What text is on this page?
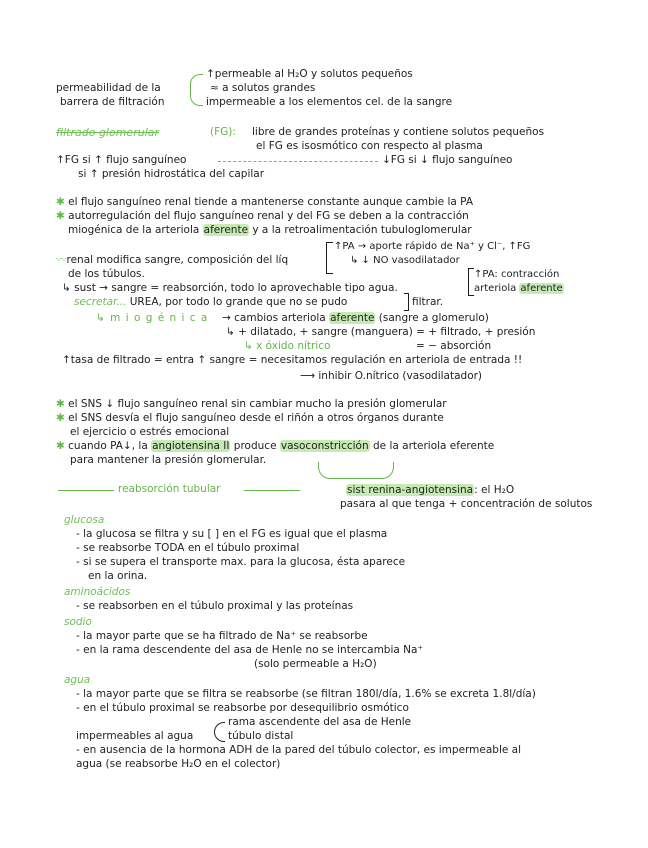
permeabilidad de la
barrera de filtración
↑permeable al H₂O y solutos pequeños
≈ a solutos grandes
impermeable a los elementos cel. de la sangre
filtrado glomerular	(FG): libre de grandes proteínas y contiene solutos pequeños
el FG es isosmótico con respecto al plasma
↑FG si ↑ flujo sanguíneo	↓FG si ↓ flujo sanguíneo
si ↑ presión hidrostática del capilar
✱ el flujo sanguíneo renal tiende a mantenerse constante aunque cambie la PA
✱ autorregulación del flujo sanguíneo renal y del FG se deben a la contracción
miogénica de la arteriola aferente y a la retroalimentación tubuloglomerular
〰renal modifica sangre, composición del líq
de los túbulos.
↑PA → aporte rápido de Na⁺ y Cl⁻, ↑FG
↳ ↓ NO vasodilatador
↑PA: contracción
arteriola aferente
↳ sust → sangre = reabsorción, todo lo aprovechable tipo agua.
secretar... UREA, por todo lo grande que no se pudo	filtrar.
↳ m i o g é n i c a → cambios arteriola aferente (sangre a glomerulo)
↳ + dilatado, + sangre (manguera) = + filtrado, + presión
↳ x óxido nítrico	= − absorción
↑tasa de filtrado = entra ↑ sangre = necesitamos regulación en arteriola de entrada !!
⟶ inhibir O.nítrico (vasodilatador)
✱ el SNS ↓ flujo sanguíneo renal sin cambiar mucho la presión glomerular
✱ el SNS desvía el flujo sanguíneo desde el riñón a otros órganos durante
el ejercicio o estrés emocional
✱ cuando PA↓, la angiotensina II produce vasoconstricción de la arteriola eferente
para mantener la presión glomerular.
reabsorción tubular	sist renina-angiotensina: el H₂O
pasara al que tenga + concentración de solutos
glucosa
- la glucosa se filtra y su [ ] en el FG es igual que el plasma
- se reabsorbe TODA en el túbulo proximal
- si se supera el transporte max. para la glucosa, ésta aparece
en la orina.
aminoácidos
- se reabsorben en el túbulo proximal y las proteínas
sodio
- la mayor parte que se ha filtrado de Na⁺ se reabsorbe
- en la rama descendente del asa de Henle no se intercambia Na⁺
(solo permeable a H₂O)
agua
- la mayor parte que se filtra se reabsorbe (se filtran 180l/día, 1.6% se excreta 1.8l/día)
- en el túbulo proximal se reabsorbe por desequilibrio osmótico
rama ascendente del asa de Henle
impermeables al agua	túbulo distal
- en ausencia de la hormona ADH de la pared del túbulo colector, es impermeable al
agua (se reabsorbe H₂O en el colector)
